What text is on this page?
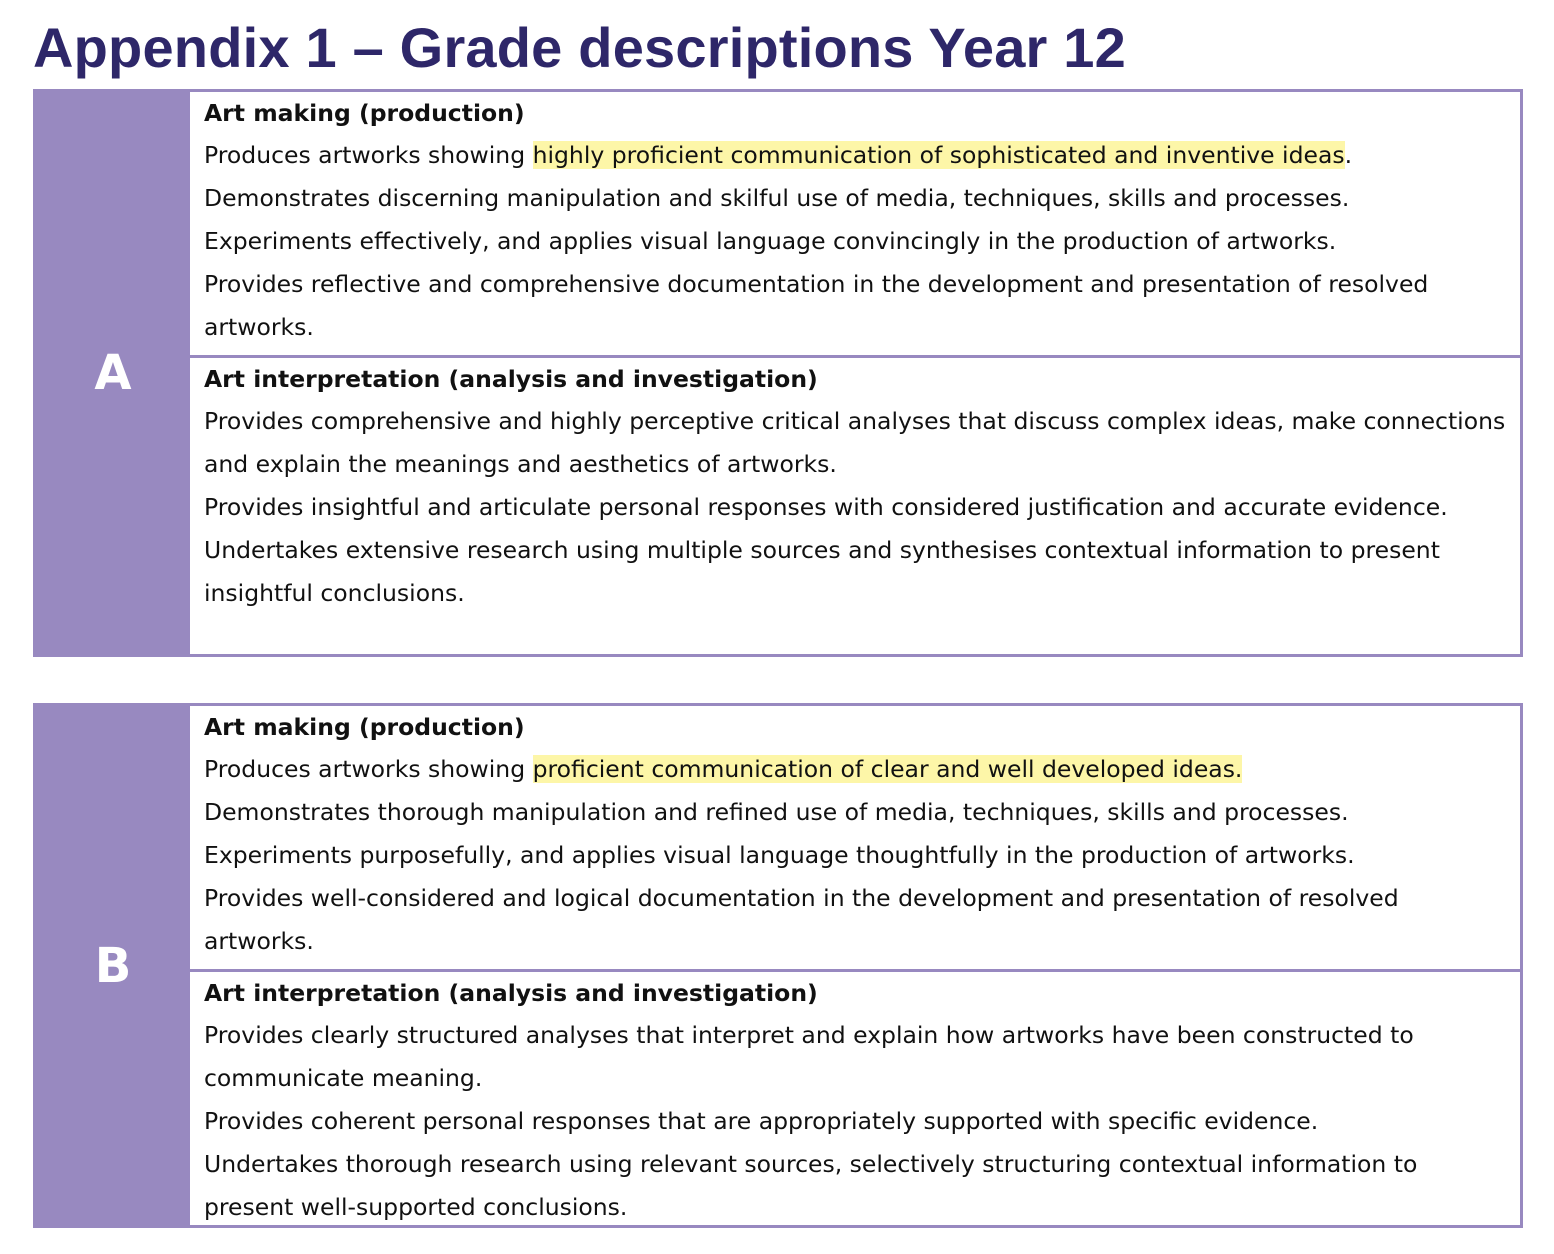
Appendix 1 – Grade descriptions Year 12
A

Art making (production)

Produces artworks showing highly proficient communication of sophisticated and inventive ideas.

Demonstrates discerning manipulation and skilful use of media, techniques, skills and processes.

Experiments effectively, and applies visual language convincingly in the production of artworks.

Provides reflective and comprehensive documentation in the development and presentation of resolved artworks.

Art interpretation (analysis and investigation)

Provides comprehensive and highly perceptive critical analyses that discuss complex ideas, make connections and explain the meanings and aesthetics of artworks.

Provides insightful and articulate personal responses with considered justification and accurate evidence.

Undertakes extensive research using multiple sources and synthesises contextual information to present insightful conclusions.

B

Art making (production)

Produces artworks showing proficient communication of clear and well developed ideas.

Demonstrates thorough manipulation and refined use of media, techniques, skills and processes.

Experiments purposefully, and applies visual language thoughtfully in the production of artworks.

Provides well-considered and logical documentation in the development and presentation of resolved artworks.

Art interpretation (analysis and investigation)

Provides clearly structured analyses that interpret and explain how artworks have been constructed to communicate meaning.

Provides coherent personal responses that are appropriately supported with specific evidence.

Undertakes thorough research using relevant sources, selectively structuring contextual information to present well-supported conclusions.
